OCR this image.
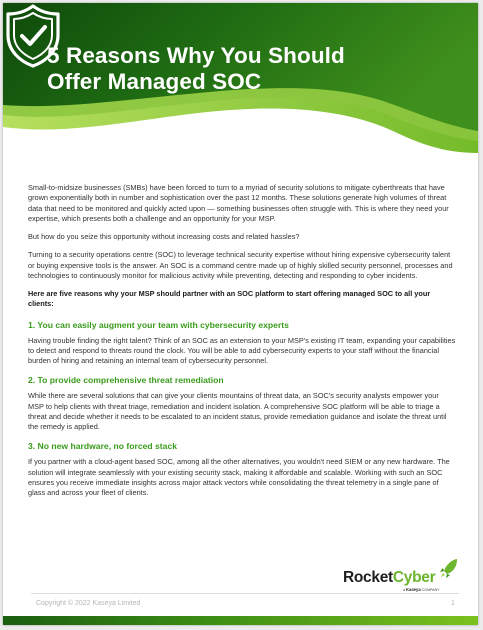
5 Reasons Why You Should Offer Managed SOC

Small-to-midsize businesses (SMBs) have been forced to turn to a myriad of security solutions to mitigate cyberthreats that have grown exponentially both in number and sophistication over the past 12 months. These solutions generate high volumes of threat data that need to be monitored and quickly acted upon — something businesses often struggle with. This is where they need your expertise, which presents both a challenge and an opportunity for your MSP.

But how do you seize this opportunity without increasing costs and related hassles?

Turning to a security operations centre (SOC) to leverage technical security expertise without hiring expensive cybersecurity talent or buying expensive tools is the answer. An SOC is a command centre made up of highly skilled security personnel, processes and technologies to continuously monitor for malicious activity while preventing, detecting and responding to cyber incidents.

Here are five reasons why your MSP should partner with an SOC platform to start offering managed SOC to all your clients:

1. You can easily augment your team with cybersecurity experts

Having trouble finding the right talent? Think of an SOC as an extension to your MSP's existing IT team, expanding your capabilities to detect and respond to threats round the clock. You will be able to add cybersecurity experts to your staff without the financial burden of hiring and retaining an internal team of cybersecurity personnel.

2. To provide comprehensive threat remediation

While there are several solutions that can give your clients mountains of threat data, an SOC's security analysts empower your MSP to help clients with threat triage, remediation and incident isolation. A comprehensive SOC platform will be able to triage a threat and decide whether it needs to be escalated to an incident status, provide remediation guidance and isolate the threat until the remedy is applied.

3. No new hardware, no forced stack

If you partner with a cloud-agent based SOC, among all the other alternatives, you wouldn't need SIEM or any new hardware. The solution will integrate seamlessly with your existing security stack, making it affordable and scalable. Working with such an SOC ensures you receive immediate insights across major attack vectors while consolidating the threat telemetry in a single pane of glass and across your fleet of clients.

RocketCyber
a Kaseya COMPANY
Copyright © 2022 Kaseya Limited	1
